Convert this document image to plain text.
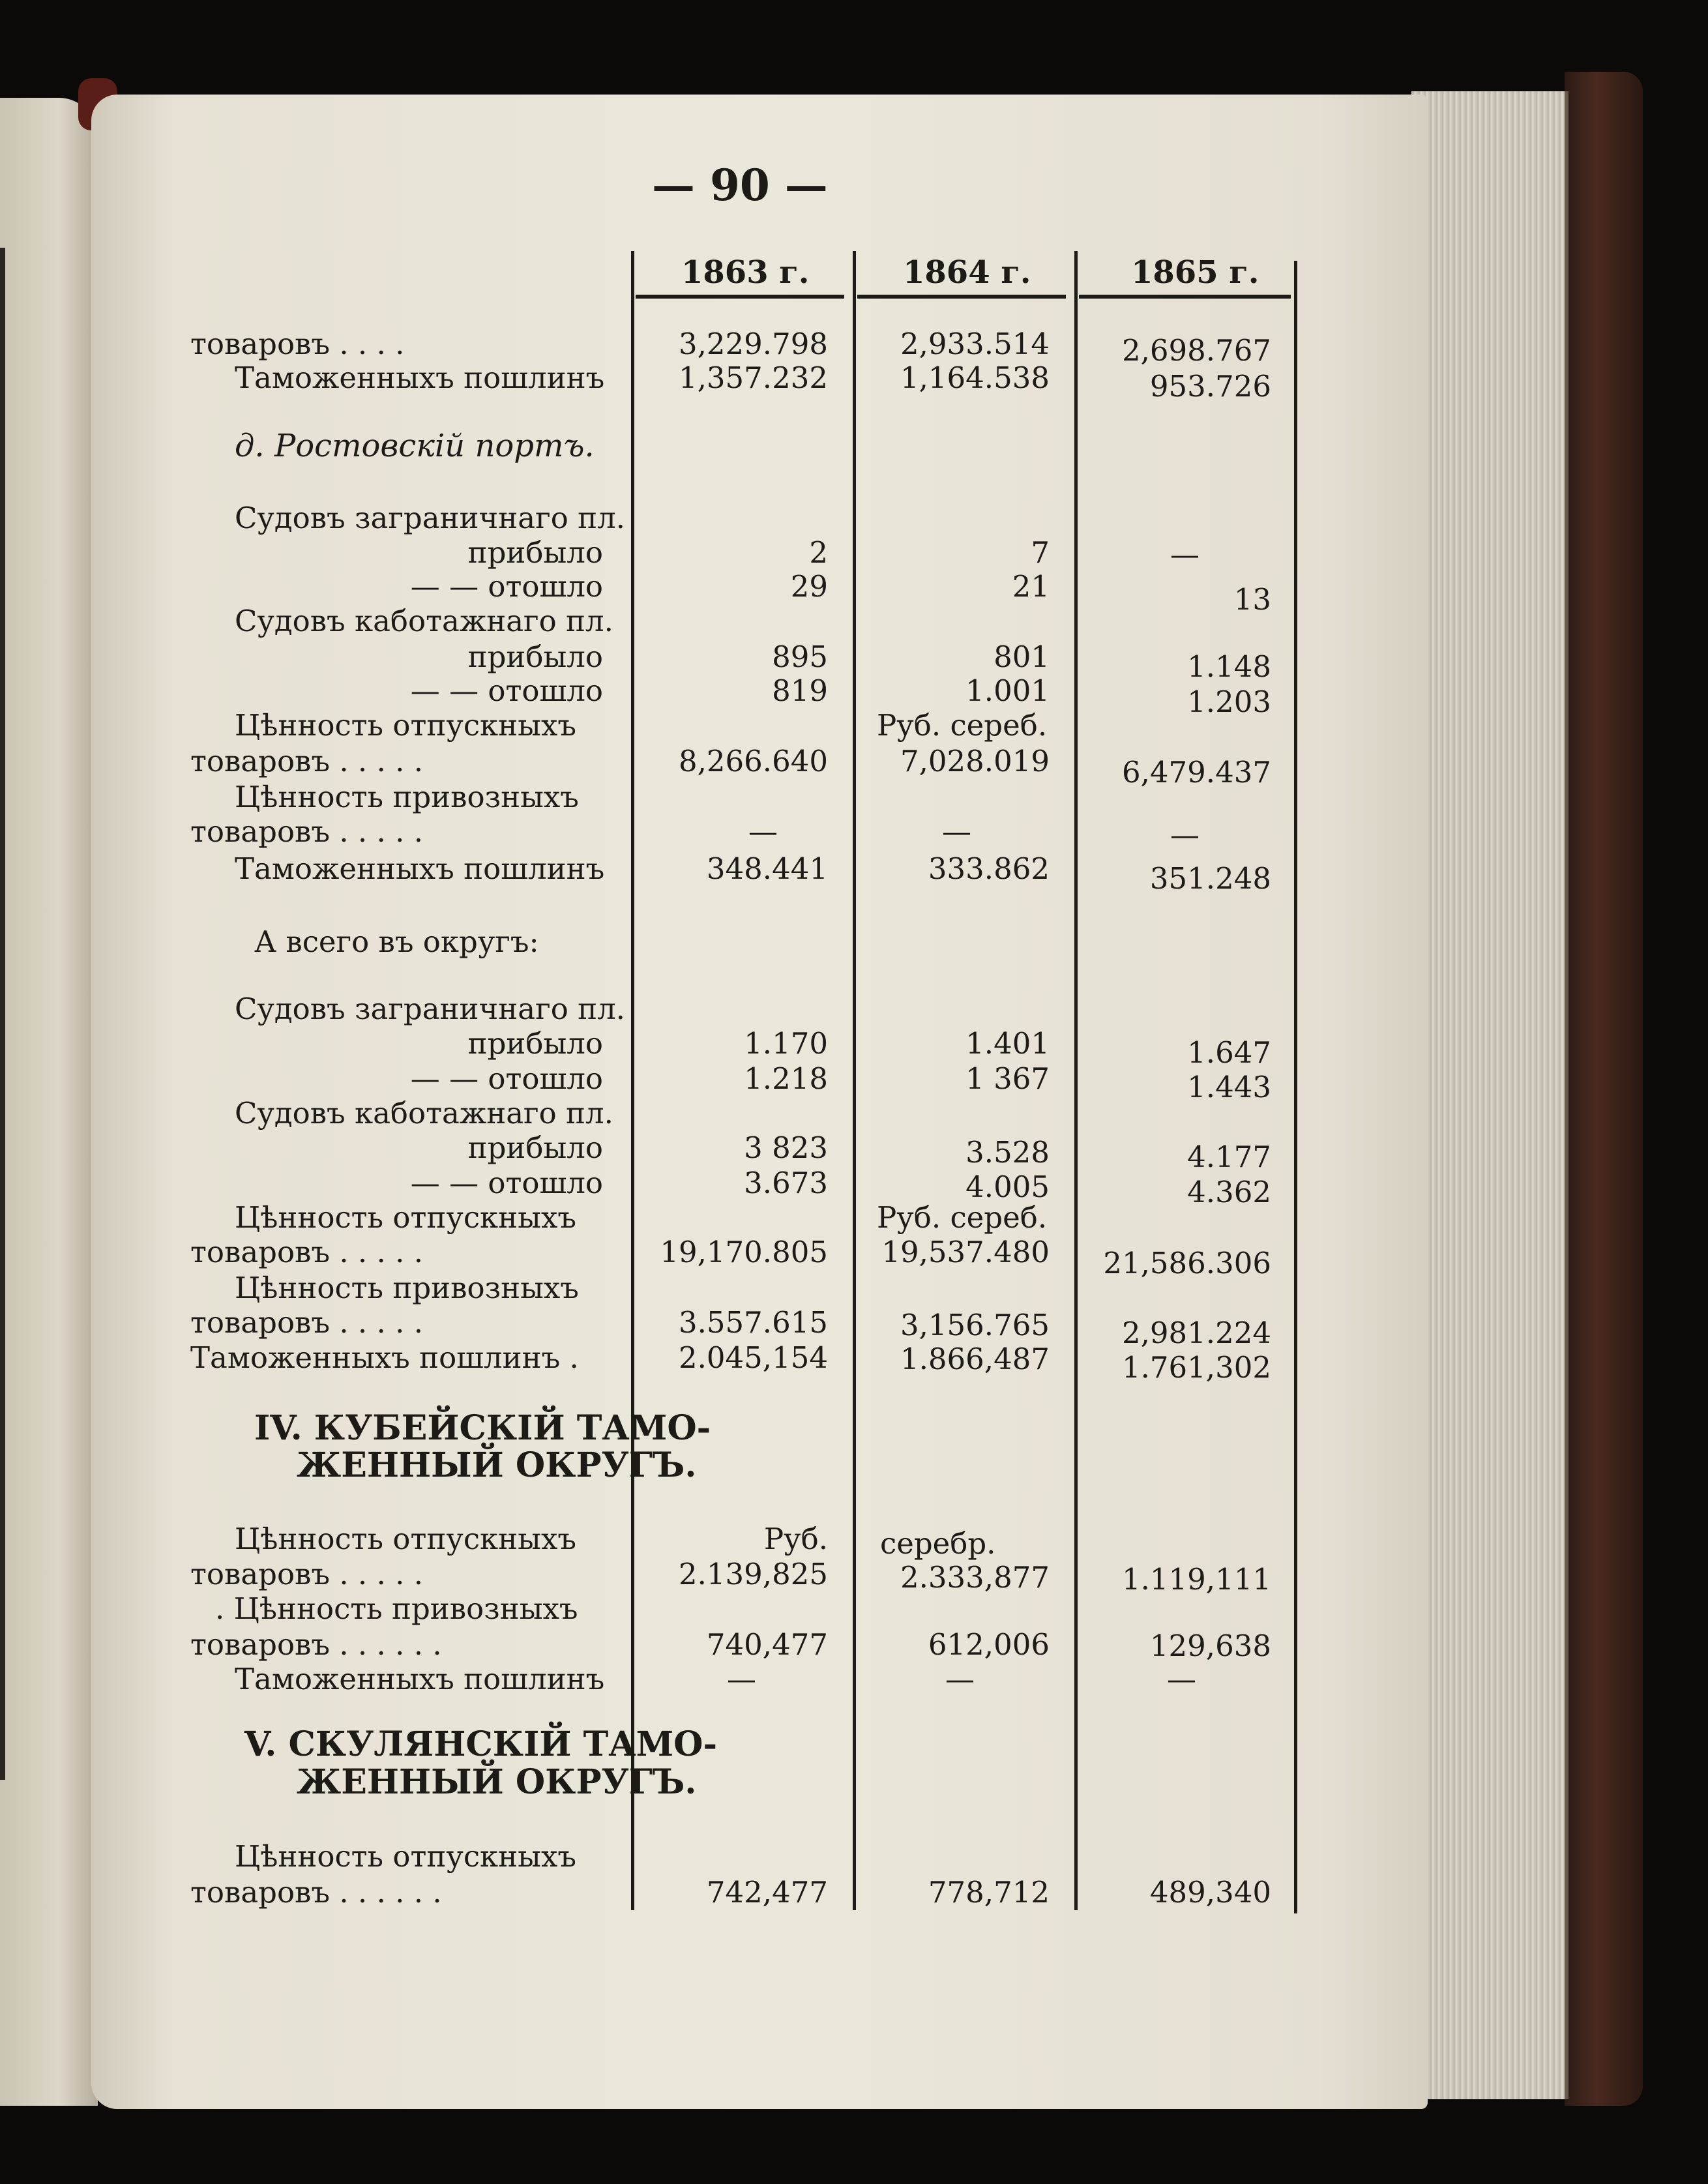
— 90 —
1863 г.	1864 г.	1865 г.
товаровъ . . . .
Таможенныхъ пошлинъ
д. Ростовскій портъ.
Судовъ заграничнаго пл.
прибыло
— — отошло
Судовъ каботажнаго пл.
прибыло
— — отошло
Цѣнность отпускныхъ
товаровъ . . . . .
Цѣнность привозныхъ
товаровъ . . . . .
Таможенныхъ пошлинъ
А всего въ округъ:
Судовъ заграничнаго пл.
прибыло
— — отошло
Судовъ каботажнаго пл.
прибыло
— — отошло
Цѣнность отпускныхъ
товаровъ . . . . .
Цѣнность привозныхъ
товаровъ . . . . .
Таможенныхъ пошлинъ .
IV. КУБЕЙСКІЙ ТАМО-
ЖЕННЫЙ ОКРУГЪ.
Цѣнность отпускныхъ
товаровъ . . . . .
. Цѣнность привозныхъ
товаровъ . . . . . .
Таможенныхъ пошлинъ
V. СКУЛЯНСКІЙ ТАМО-
ЖЕННЫЙ ОКРУГЪ.
Цѣнность отпускныхъ
товаровъ . . . . . .
3,229.798
1,357.232
2
29
895
819
8,266.640
—
348.441
1.170
1.218
3 823
3.673
19,170.805
3.557.615
2.045,154
Руб.
2.139,825
740,477
—
742,477
2,933.514
1,164.538
7
21
801
1.001
Руб. сереб.
7,028.019
—
333.862
1.401
1 367
3.528
4.005
Руб. сереб.
19,537.480
3,156.765
1.866,487
серебр.
2.333,877
612,006
—
778,712
2,698.767
953.726
—
13
1.148
1.203
6,479.437
—
351.248
1.647
1.443
4.177
4.362
21,586.306
2,981.224
1.761,302
1.119,111
129,638
—
489,340
